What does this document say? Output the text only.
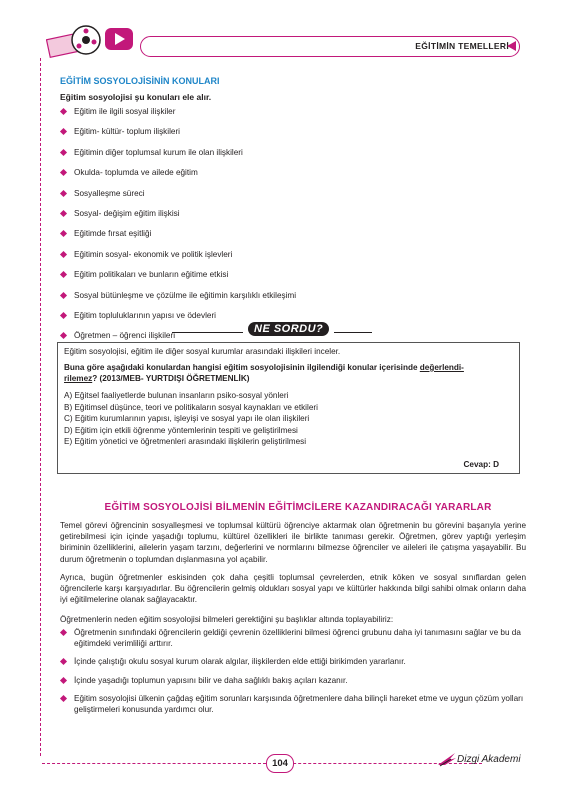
EĞİTİMİN TEMELLERİ
EĞİTİM SOSYOLOJİSİNİN KONULARI
Eğitim sosyolojisi şu konuları ele alır.
Eğitim ile ilgili sosyal ilişkiler
Eğitim- kültür- toplum ilişkileri
Eğitimin diğer toplumsal kurum ile olan ilişkileri
Okulda- toplumda ve ailede eğitim
Sosyalleşme süreci
Sosyal- değişim eğitim ilişkisi
Eğitimde fırsat eşitliği
Eğitimin sosyal- ekonomik ve politik işlevleri
Eğitim politikaları ve bunların eğitime etkisi
Sosyal bütünleşme ve çözülme ile eğitimin karşılıklı etkileşimi
Eğitim topluluklarının yapısı ve ödevleri
Öğretmen – öğrenci ilişkileri
NE SORDU?
Eğitim sosyolojisi, eğitim ile diğer sosyal kurumlar arasındaki ilişkileri inceler.
Buna göre aşağıdaki konulardan hangisi eğitim sosyolojisinin ilgilendiği konular içerisinde değerlendi-
rilemez? (2013/MEB- YURTDIŞI ÖĞRETMENLİK)
A) Eğitsel faaliyetlerde bulunan insanların psiko-sosyal yönleri
B) Eğitimsel düşünce, teori ve politikaların sosyal kaynakları ve etkileri
C) Eğitim kurumlarının yapısı, işleyişi ve sosyal yapı ile olan ilişkileri
D) Eğitim için etkili öğrenme yöntemlerinin tespiti ve geliştirilmesi
E) Eğitim yönetici ve öğretmenleri arasındaki ilişkilerin geliştirilmesi
Cevap: D
EĞİTİM SOSYOLOJİSİ BİLMENİN EĞİTİMCİLERE KAZANDIRACAĞI YARARLAR

Temel görevi öğrencinin sosyalleşmesi ve toplumsal kültürü öğrenciye aktarmak olan öğretmenin bu görevini başarıyla yerine getirebilmesi için içinde yaşadığı toplumu, kültürel özellikleri ile birlikte tanıması gerekir. Öğretmen, görev yaptığı yerleşim biriminin özelliklerini, ailelerin yaşam tarzını, değerlerini ve normlarını bilmezse öğrenciler ve aileleri ile çatışma yaşayabilir. Bu durum öğretmenin o toplumdan dışlanmasına yol açabilir.

Ayrıca, bugün öğretmenler eskisinden çok daha çeşitli toplumsal çevrelerden, etnik köken ve sosyal sınıflardan gelen öğrencilerle karşı karşıyadırlar. Bu öğrencilerin gelmiş oldukları sosyal yapı ve kültürler hakkında bilgi sahibi olmak onların daha iyi eğitilmelerine olanak sağlayacaktır.

Öğretmenlerin neden eğitim sosyolojisi bilmeleri gerektiğini şu başlıklar altında toplayabiliriz:

Öğretmenin sınıfındaki öğrencilerin geldiği çevrenin özelliklerini bilmesi öğrenci grubunu daha iyi tanımasını sağlar ve bu da eğitimdeki verimliliği arttırır.
İçinde çalıştığı okulu sosyal kurum olarak algılar, ilişkilerden elde ettiği birikimden yararlanır.
İçinde yaşadığı toplumun yapısını bilir ve daha sağlıklı bakış açıları kazanır.
Eğitim sosyolojisi ülkenin çağdaş eğitim sorunları karşısında öğretmenlere daha bilinçli hareket etme ve uygun çözüm yolları geliştirmeleri konusunda yardımcı olur.
104	Dizgi Akademi
